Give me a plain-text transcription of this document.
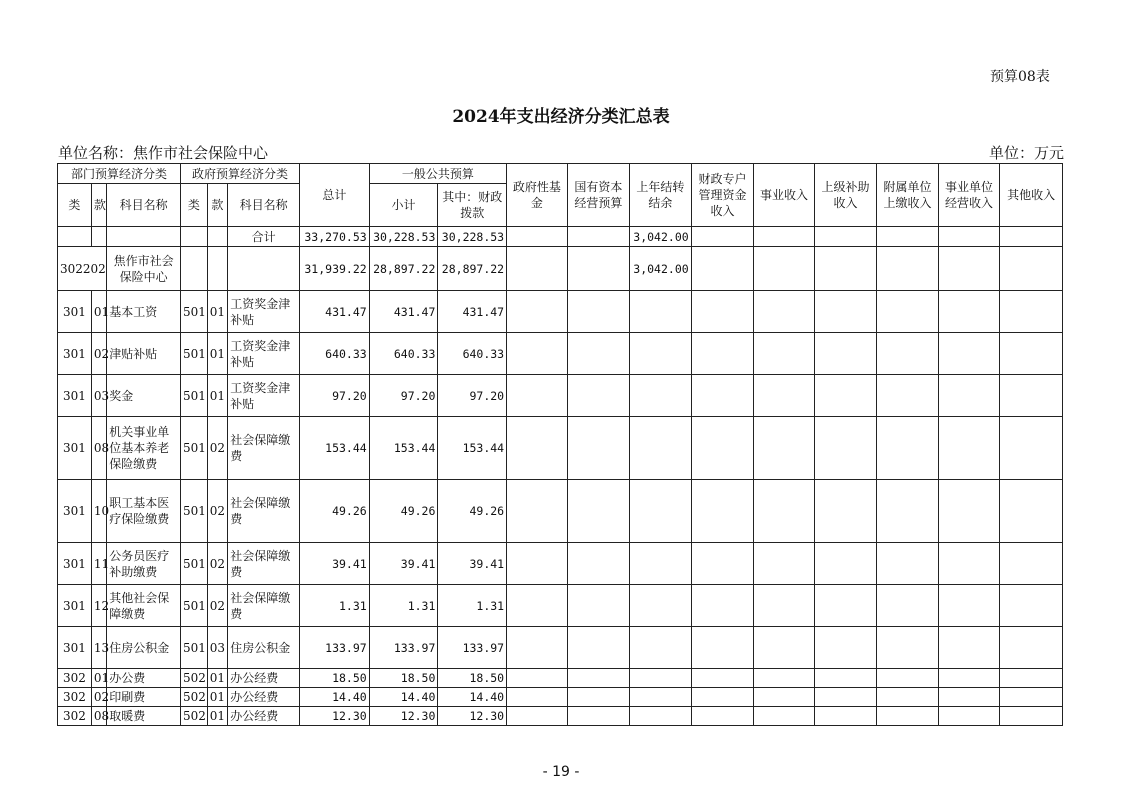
预算08表
2024年支出经济分类汇总表
单位名称：焦作市社会保险中心	单位：万元
部门预算经济分类			政府预算经济分类			总计	一般公共预算		政府性基金	国有资本经营预算	上年结转结余	财政专户管理资金收入	事业收入	上级补助收入	附属单位上缴收入	事业单位经营收入	其他收入
类	款	科目名称	类	款	科目名称		小计	其中：财政拨款									
					合计	33,270.53	30,228.53	30,228.53			3,042.00						
302202		焦作市社会保险中心				31,939.22	28,897.22	28,897.22			3,042.00						
301	01	基本工资	501	01	工资奖金津补贴	431.47	431.47	431.47									
301	02	津贴补贴	501	01	工资奖金津补贴	640.33	640.33	640.33									
301	03	奖金	501	01	工资奖金津补贴	97.20	97.20	97.20									
301	08	机关事业单位基本养老保险缴费	501	02	社会保障缴费	153.44	153.44	153.44									
301	10	职工基本医疗保险缴费	501	02	社会保障缴费	49.26	49.26	49.26									
301	11	公务员医疗补助缴费	501	02	社会保障缴费	39.41	39.41	39.41									
301	12	其他社会保障缴费	501	02	社会保障缴费	1.31	1.31	1.31									
301	13	住房公积金	501	03	住房公积金	133.97	133.97	133.97									
302	01	办公费	502	01	办公经费	18.50	18.50	18.50									
302	02	印刷费	502	01	办公经费	14.40	14.40	14.40									
302	08	取暖费	502	01	办公经费	12.30	12.30	12.30									
- 19 -
